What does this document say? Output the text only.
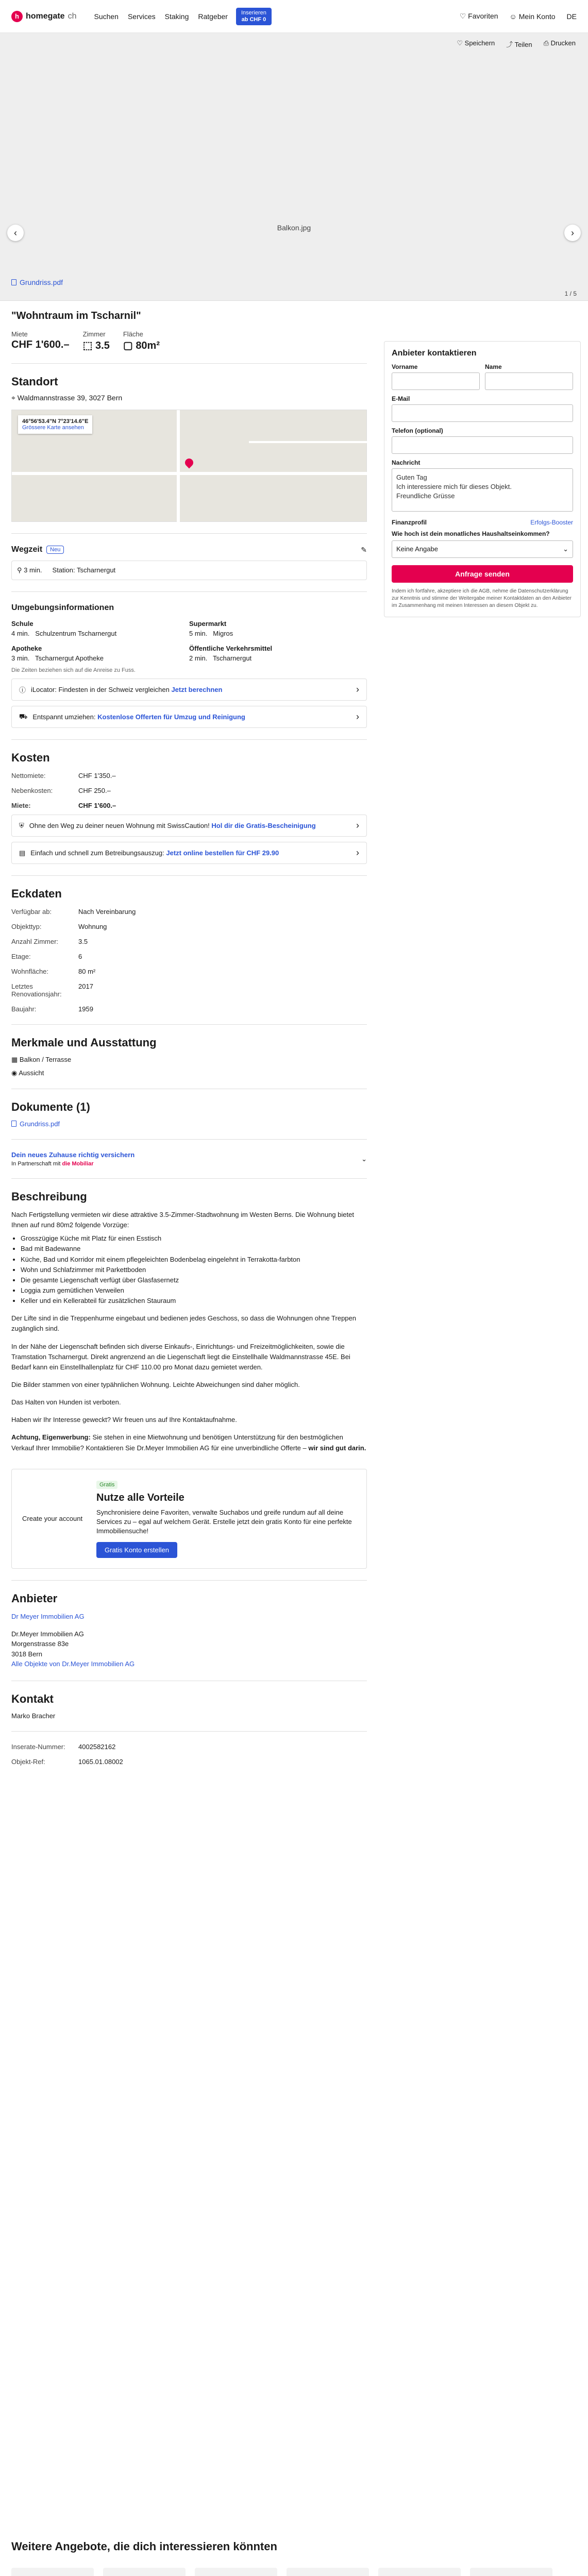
h homegate ch Suchen Services Staking Ratgeber Inserieren
ab CHF 0	♡ Favoriten ☺ Mein Konto DE
♡ Speichern ⤴ Teilen ⎙ Drucken
Balkon.jpg
‹	›
1 / 5
Grundriss.pdf
"Wohntraum im Tscharnil"
Miete
CHF 1'600.–
Zimmer
⬚ 3.5
Fläche
▢ 80m²
Standort
⌖ Waldmannstrasse 39, 3027 Bern
46°56'53.4"N 7°23'14.6"E
Grössere Karte ansehen
Wegzeit	Neu	✎
⚲ 3 min. Station: Tscharnergut
Umgebungsinformationen
Schule
4 min. Schulzentrum Tscharnergut
Supermarkt
5 min. Migros
Apotheke
3 min. Tscharnergut Apotheke
Öffentliche Verkehrsmittel
2 min. Tscharnergut
Die Zeiten beziehen sich auf die Anreise zu Fuss.
ⓘ iLocator: Findesten in der Schweiz vergleichen Jetzt berechnen	›
⛟ Entspannt umziehen: Kostenlose Offerten für Umzug und Reinigung	›
Kosten
Nettomiete:	CHF 1'350.–
Nebenkosten:	CHF 250.–
Miete:	CHF 1'600.–
⛨ Ohne den Weg zu deiner neuen Wohnung mit SwissCaution! Hol dir die Gratis-Bescheinigung	›
▤ Einfach und schnell zum Betreibungsauszug: Jetzt online bestellen für CHF 29.90	›
Eckdaten
Verfügbar ab:	Nach Vereinbarung
Objekttyp:	Wohnung
Anzahl Zimmer:	3.5
Etage:	6
Wohnfläche:	80 m²
Letztes Renovationsjahr:
2017
Baujahr:	1959
Merkmale und Ausstattung
▦ Balkon / Terrasse
◉ Aussicht
Dokumente (1)
Grundriss.pdf
Dein neues Zuhause richtig versichern
In Partnerschaft mit die Mobiliar
⌄
Beschreibung

Nach Fertigstellung vermieten wir diese attraktive 3.5-Zimmer-Stadtwohnung im Westen Berns. Die Wohnung bietet Ihnen auf rund 80m2 folgende Vorzüge:

• Grosszügige Küche mit Platz für einen Esstisch
• Bad mit Badewanne
• Küche, Bad und Korridor mit einem pflegeleichten Bodenbelag eingelehnt in Terrakotta-farbton
• Wohn und Schlafzimmer mit Parkettboden
• Die gesamte Liegenschaft verfügt über Glasfasernetz
• Loggia zum gemütlichen Verweilen
• Keller und ein Kellerabteil für zusätzlichen Stauraum

Der Lifte sind in die Treppenhurme eingebaut und bedienen jedes Geschoss, so dass die Wohnungen ohne Treppen zugänglich sind.

In der Nähe der Liegenschaft befinden sich diverse Einkaufs-, Einrichtungs- und Freizeitmöglichkeiten, sowie die Tramstation Tscharnergut. Direkt angrenzend an die Liegenschaft liegt die Einstellhalle Waldmannstrasse 45E. Bei Bedarf kann ein Einstellhallenplatz für CHF 110.00 pro Monat dazu gemietet werden.

Die Bilder stammen von einer typähnlichen Wohnung. Leichte Abweichungen sind daher möglich.

Das Halten von Hunden ist verboten.

Haben wir Ihr Interesse geweckt? Wir freuen uns auf Ihre Kontaktaufnahme.

Achtung, Eigenwerbung: Sie stehen in eine Mietwohnung und benötigen Unterstützung für den bestmöglichen Verkauf Ihrer Immobilie? Kontaktieren Sie Dr.Meyer Immobilien AG für eine unverbindliche Offerte – wir sind gut darin.

Create your account
Gratis
Nutze alle Vorteile
Synchronisiere deine Favoriten, verwalte Suchabos und greife rundum auf all deine Services zu – egal auf welchem Gerät. Erstelle jetzt dein gratis Konto für eine perfekte Immobiliensuche!
Gratis Konto erstellen
Anbieter
Dr Meyer Immobilien AG
Dr.Meyer Immobilien AG
Morgenstrasse 83e
3018 Bern
Alle Objekte von Dr.Meyer Immobilien AG
Kontakt
Marko Bracher
Inserate-Nummer:	4002582162
Objekt-Ref:	1065.01.08002
Weitere Angebote, die dich interessieren könnten
Anbieter kontaktieren
Vorname	Name
E-Mail
Telefon (optional)
Nachricht
Guten Tag
Ich interessiere mich für dieses Objekt.
Freundliche Grüsse
Finanzprofil	Erfolgs-Booster
Wie hoch ist dein monatliches Haushaltseinkommen?
Keine Angabe	⌄
Anfrage senden
Indem ich fortfahre, akzeptiere ich die AGB, nehme die Datenschutzerklärung zur Kenntnis und stimme der Weitergabe meiner Kontaktdaten an den Anbieter im Zusammenhang mit meinen Interessen an diesem Objekt zu.
